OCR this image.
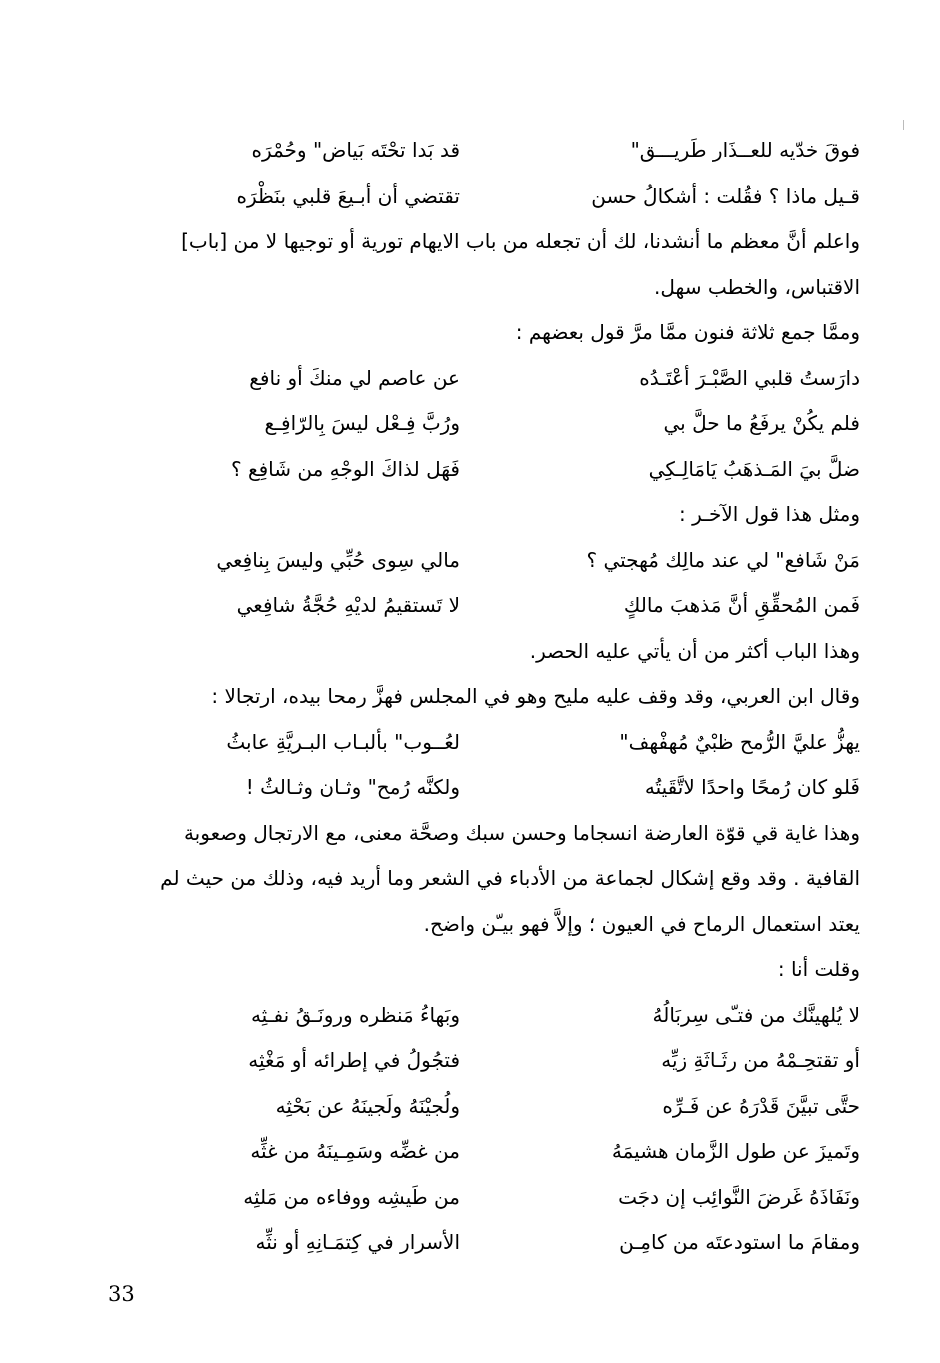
فوقَ خدّيه للعــذَار طَريـــق"
قد بَدا تحْتَه بَياض" وحُمْرَه
قـيل ماذا ؟ فقُلت : أشكالُ حسن
تقتضي أن أبـيعَ قلبي بنَظْرَه
واعلم أنَّ معظم ما أنشدنا، لك أن تجعله من باب الايهام تورية أو توجيها لا من [باب]
الاقتباس، والخطب سهل.
وممَّا جمع ثلاثة فنون ممَّا مرَّ قول بعضهم :
دارَستُ قلبي الصَّبْـرَ أعْتَـدُه
عن عاصم لي منكَ أو نافع
فلم يكُنْ يرفَعُ ما حلَّ بي
ورُبَّ فِـعْل ليسَ بِالرّافِـع
ضلَّ بيَ المَـذهَبُ يَامَالِـكِي
فَهَل لذاكَ الوجْهِ من شَافِع ؟
ومثل هذا قول الآخـر :
مَنْ شَافع" لي عند مالِك مُهجتي ؟
مالي سِوى حُبِّي وليسَ بِنافِعي
فَمن المُحقِّقِ أنَّ مَذهبَ مالكٍ
لا تَستقيمُ لديْهِ حُجَّةُ شافِعي
وهذا الباب أكثر من أن يأتي عليه الحصر.
وقال ابن العربي، وقد وقف عليه مليح وهو في المجلس فهزَّ رمحا بيده، ارتجالا :
يهزُّ عليَّ الرُّمح ظبْيٌ مُهفْهف"
لعُــوب" بألبـاب البـريَّةِ عابثُ
فَلو كان رُمحًا واحدًا لاتَّقَيتُه
ولكنَّه رُمح" وثـان وثـالثُ !
وهذا غاية قي قوّة العارضة انسجاما وحسن سبك وصحَّة معنى، مع الارتجال وصعوبة
القافية . وقد وقع إشكال لجماعة من الأدباء في الشعر وما أريد فيه، وذلك من حيث لم
يعتد استعمال الرماح في العيون ؛ وإلاَّ فهو بيـّن واضح.
وقلت أنا :
لا يُلهينَّك من فتـّى سِربَالُهُ
وبَهاءُ مَنظره ورونَـقُ نفـثِه
أو تقتحِـمْهُ من رثَـاثَةِ زيِّه
فتجُولُ في إطرائه أو مَغْثِه
حتَّى تبيَّنَ قَدْرَهُ عن فَـرِّه
ولُجيْنَهُ ولَجينَهُ عن بَحْثِه
وتَميزَ عن طول الزَّمان هشيمَهُ
من غضِّه وسَمِـينَهُ من غثِّه
ونَفَاذَهُ غَرضَ النَّوائِب إن دجَت
من طَيشِه ووفاءه من مَلثِه
ومقامَ ما استودعتَه من كامِـن
الأسرار في كِتمَـانِهِ أو نثِّه
33
